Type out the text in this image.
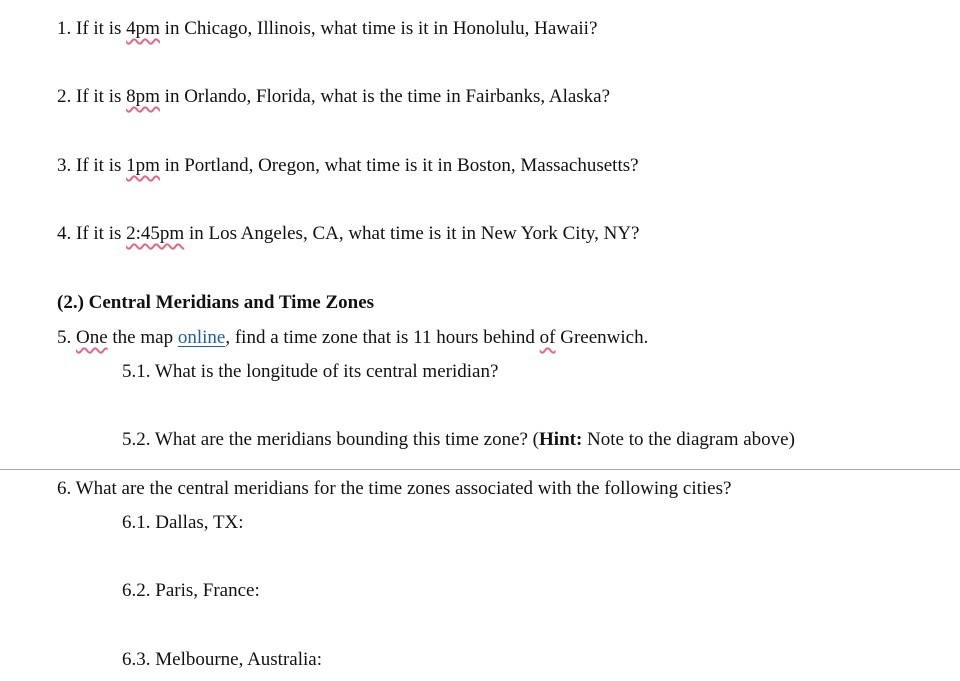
1. If it is 4pm in Chicago, Illinois, what time is it in Honolulu, Hawaii?
2. If it is 8pm in Orlando, Florida, what is the time in Fairbanks, Alaska?
3. If it is 1pm in Portland, Oregon, what time is it in Boston, Massachusetts?
4. If it is 2:45pm in Los Angeles, CA, what time is it in New York City, NY?
(2.) Central Meridians and Time Zones
5. One the map online, find a time zone that is 11 hours behind of Greenwich.
5.1. What is the longitude of its central meridian?
5.2. What are the meridians bounding this time zone? (Hint: Note to the diagram above)
6. What are the central meridians for the time zones associated with the following cities?
6.1. Dallas, TX:
6.2. Paris, France:
6.3. Melbourne, Australia:
